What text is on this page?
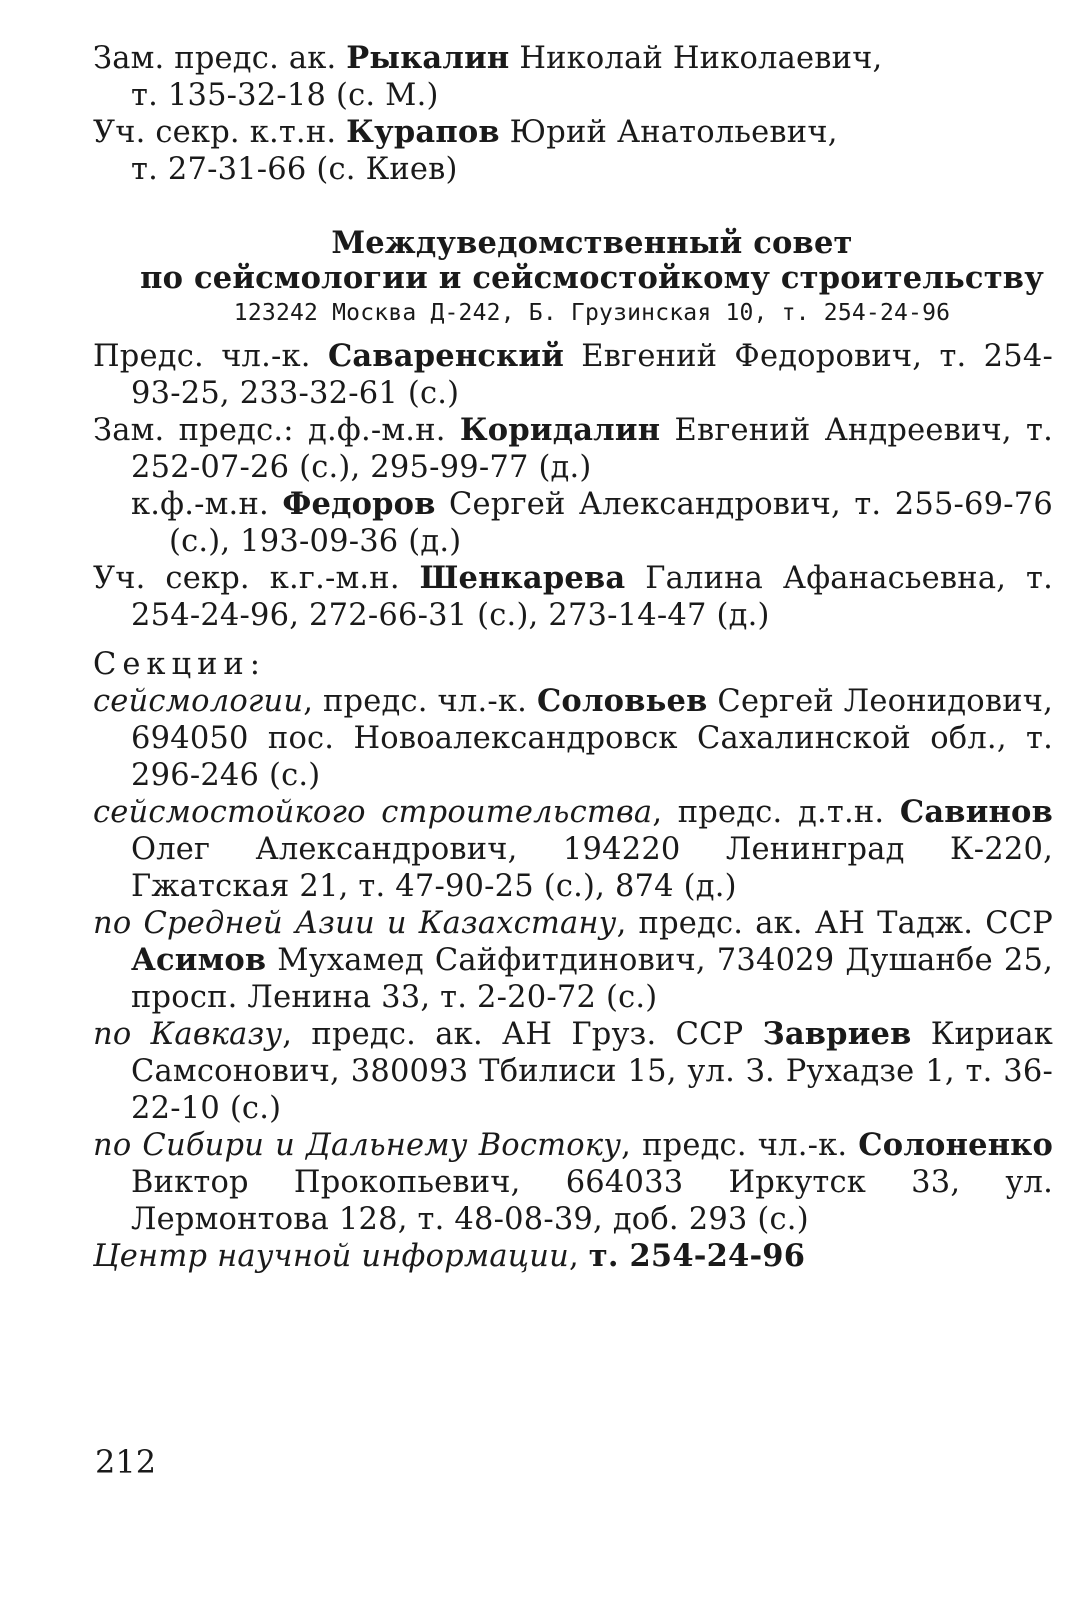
Зам. предс. ак. Рыкалин Николай Николаевич,
т. 135-32-18 (с. М.)
Уч. секр. к.т.н. Курапов Юрий Анатольевич,
т. 27-31-66 (с. Киев)
Междуведомственный совет
по сейсмологии и сейсмостойкому строительству
123242 Москва Д-242, Б. Грузинская 10, т. 254-24-96
Предс. чл.-к. Саваренский Евгений Федорович, т. 254-93-25, 233-32-61 (с.)
Зам. предс.: д.ф.-м.н. Коридалин Евгений Андреевич, т. 252-07-26 (с.), 295-99-77 (д.)
к.ф.-м.н. Федоров Сергей Александрович, т. 255-69-76 (с.), 193-09-36 (д.)
Уч. секр. к.г.-м.н. Шенкарева Галина Афанасьевна, т. 254-24-96, 272-66-31 (с.), 273-14-47 (д.)
Секции:
сейсмологии, предс. чл.-к. Соловьев Сергей Леонидович, 694050 пос. Новоалександровск Сахалинской обл., т. 296-246 (с.)
сейсмостойкого строительства, предс. д.т.н. Савинов Олег Александрович, 194220 Ленинград К-220, Гжатская 21, т. 47-90-25 (с.), 874 (д.)
по Средней Азии и Казахстану, предс. ак. АН Тадж. ССР Асимов Мухамед Сайфитдинович, 734029 Душанбе 25, просп. Ленина 33, т. 2-20-72 (с.)
по Кавказу, предс. ак. АН Груз. ССР Завриев Кириак Самсонович, 380093 Тбилиси 15, ул. З. Рухадзе 1, т. 36-22-10 (с.)
по Сибири и Дальнему Востоку, предс. чл.-к. Солоненко Виктор Прокопьевич, 664033 Иркутск 33, ул. Лермонтова 128, т. 48-08-39, доб. 293 (с.)
Центр научной информации, т. 254-24-96
212
